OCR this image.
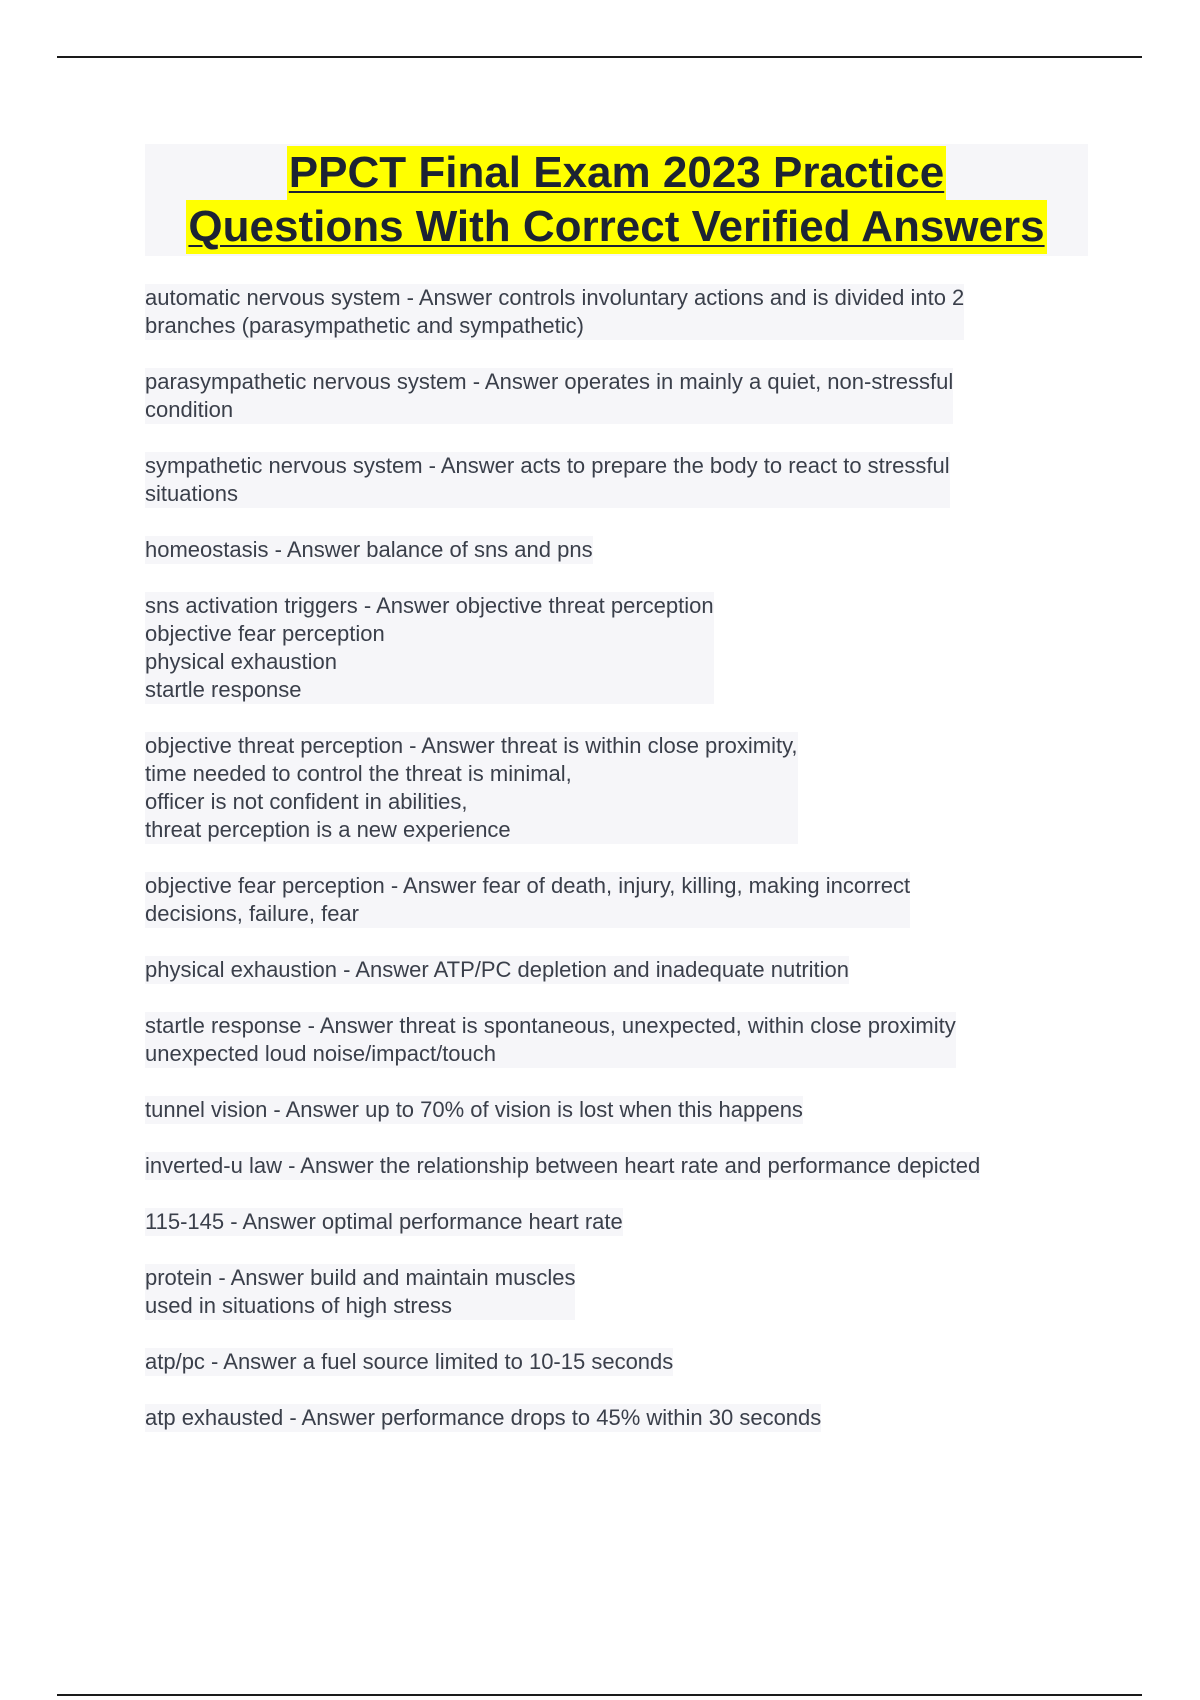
PPCT Final Exam 2023 Practice
Questions With Correct Verified Answers
automatic nervous system - Answer controls involuntary actions and is divided into 2
branches (parasympathetic and sympathetic)
parasympathetic nervous system - Answer operates in mainly a quiet, non-stressful
condition
sympathetic nervous system - Answer acts to prepare the body to react to stressful
situations
homeostasis - Answer balance of sns and pns
sns activation triggers - Answer objective threat perception
objective fear perception
physical exhaustion
startle response
objective threat perception - Answer threat is within close proximity,
time needed to control the threat is minimal,
officer is not confident in abilities,
threat perception is a new experience
objective fear perception - Answer fear of death, injury, killing, making incorrect
decisions, failure, fear
physical exhaustion - Answer ATP/PC depletion and inadequate nutrition
startle response - Answer threat is spontaneous, unexpected, within close proximity
unexpected loud noise/impact/touch
tunnel vision - Answer up to 70% of vision is lost when this happens
inverted-u law - Answer the relationship between heart rate and performance depicted
115-145 - Answer optimal performance heart rate
protein - Answer build and maintain muscles
used in situations of high stress
atp/pc - Answer a fuel source limited to 10-15 seconds
atp exhausted - Answer performance drops to 45% within 30 seconds
